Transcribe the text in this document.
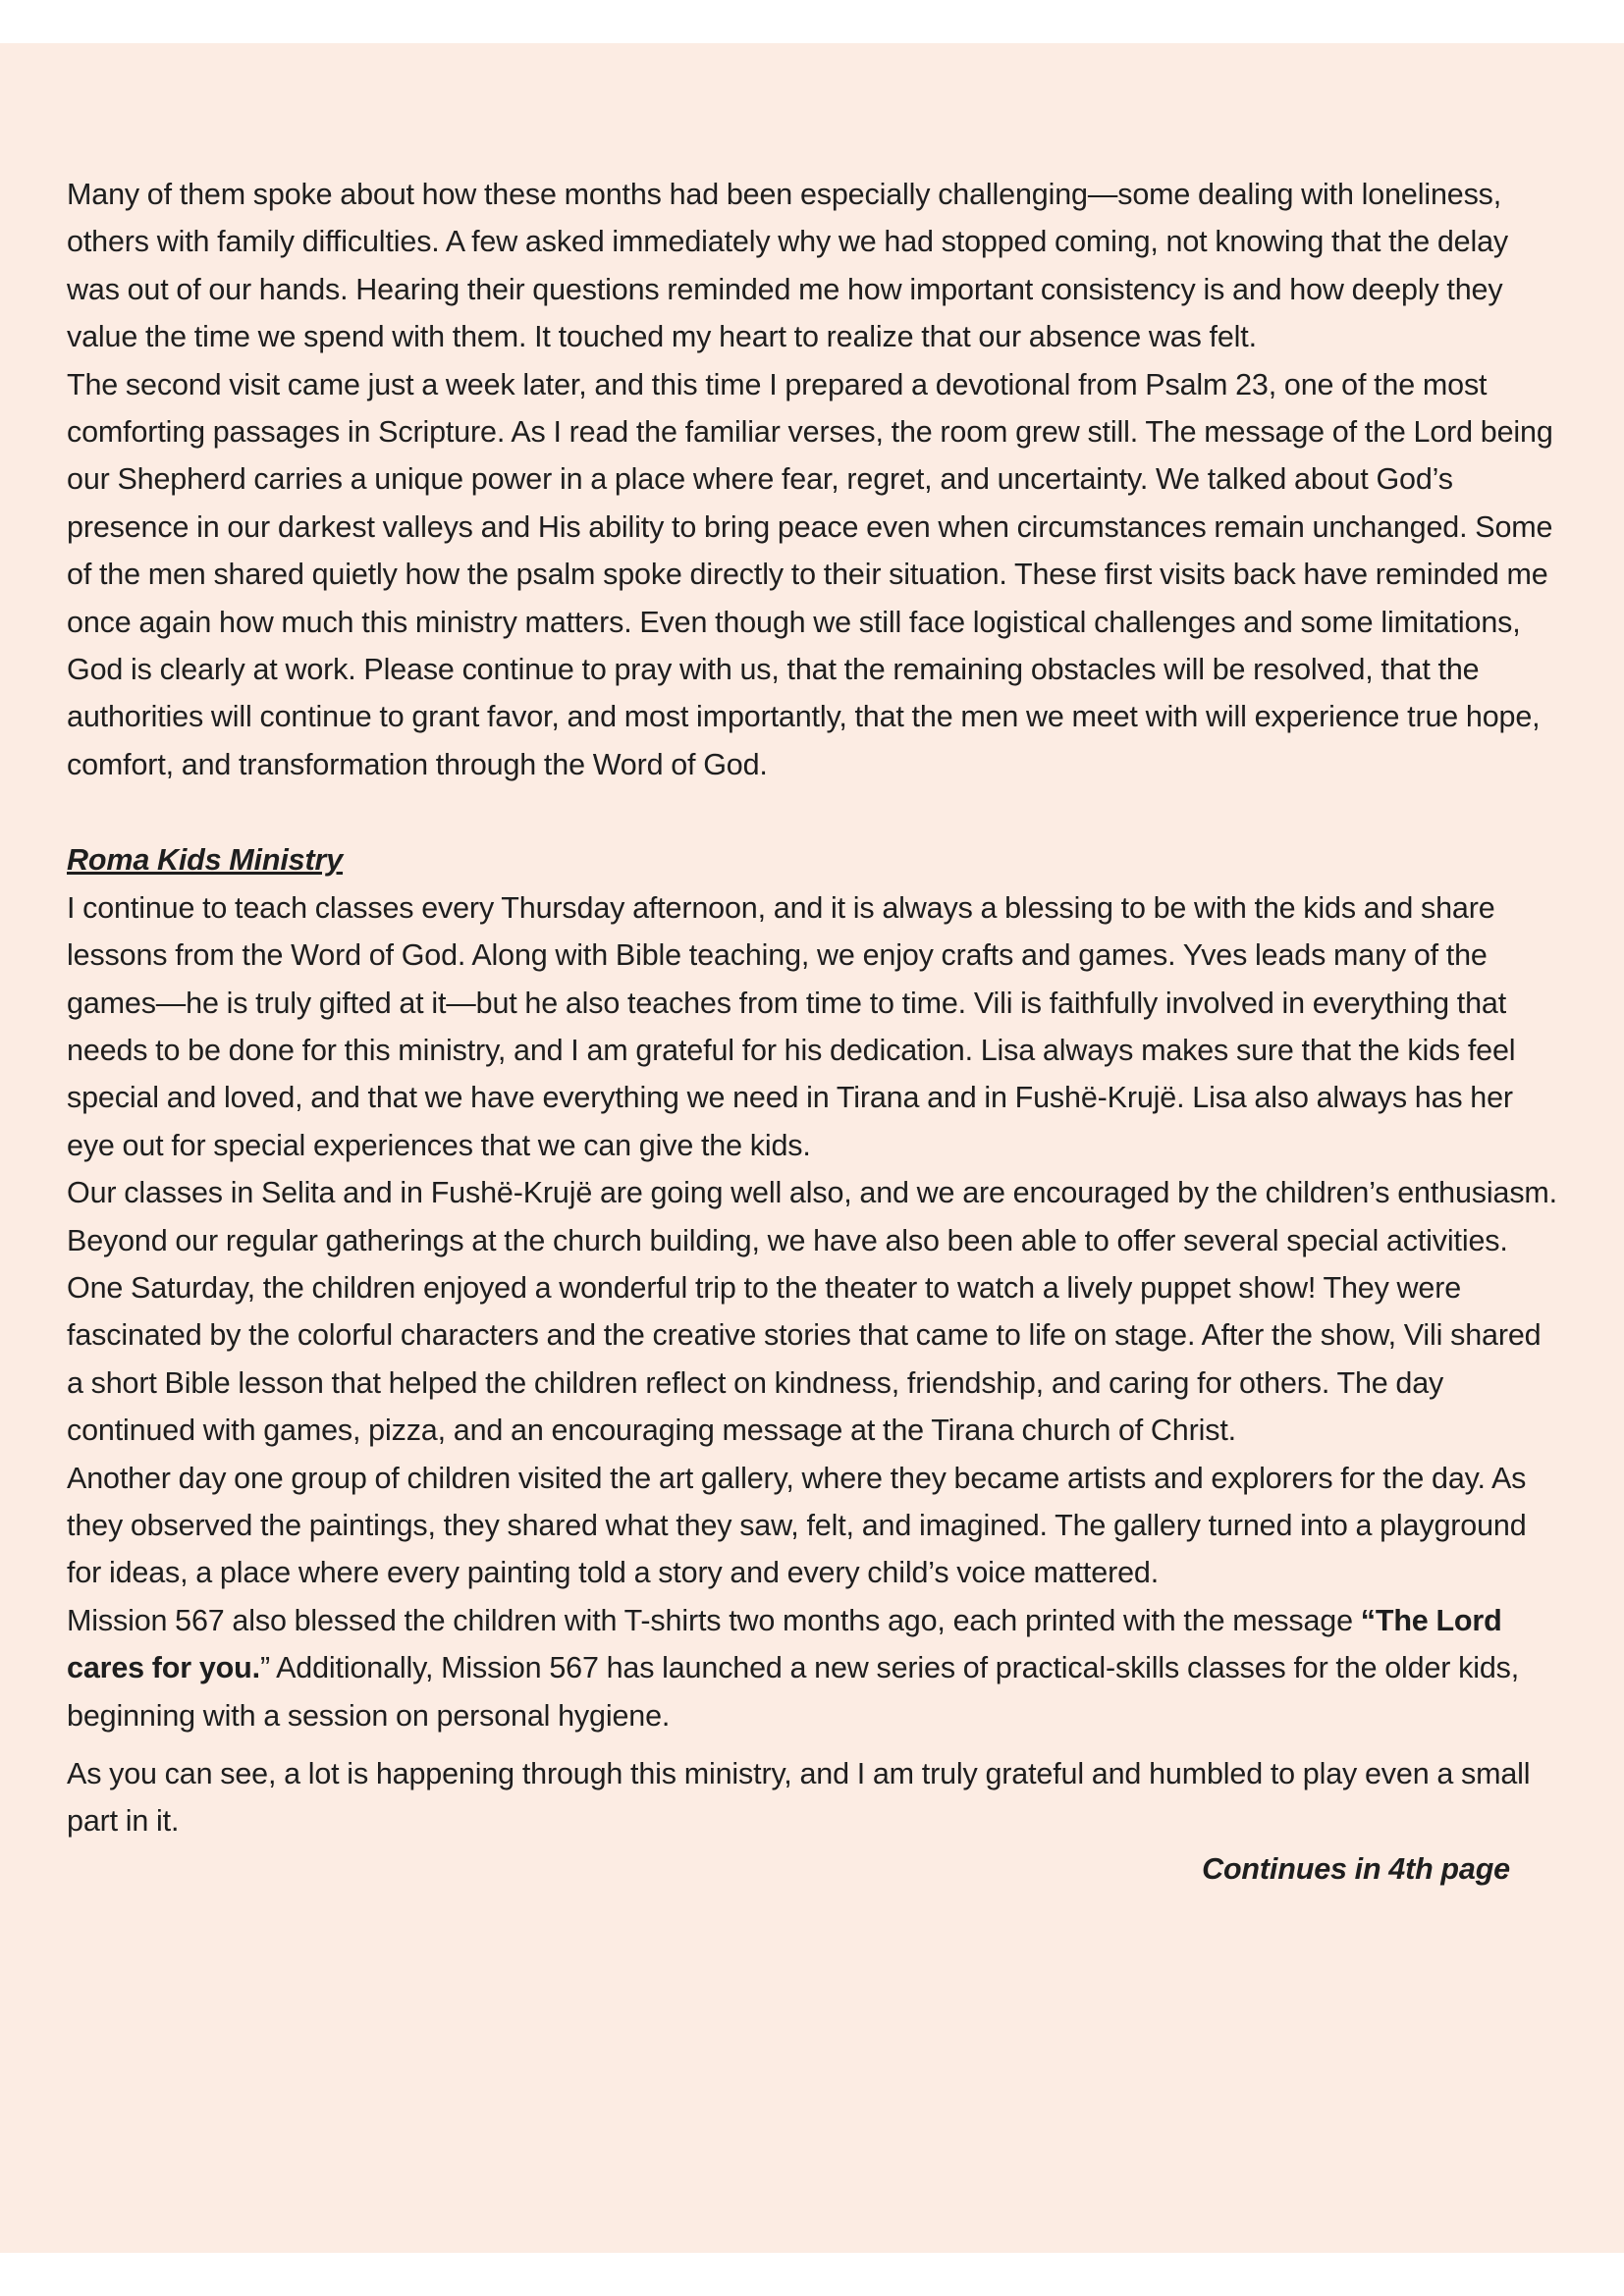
Many of them spoke about how these months had been especially challenging—some dealing with loneliness, others with family difficulties. A few asked immediately why we had stopped coming, not knowing that the delay was out of our hands. Hearing their questions reminded me how important consistency is and how deeply they value the time we spend with them. It touched my heart to realize that our absence was felt.

The second visit came just a week later, and this time I prepared a devotional from Psalm 23, one of the most comforting passages in Scripture. As I read the familiar verses, the room grew still. The message of the Lord being our Shepherd carries a unique power in a place where fear, regret, and uncertainty. We talked about God’s presence in our darkest valleys and His ability to bring peace even when circumstances remain unchanged. Some of the men shared quietly how the psalm spoke directly to their situation. These first visits back have reminded me once again how much this ministry matters. Even though we still face logistical challenges and some limitations, God is clearly at work. Please continue to pray with us, that the remaining obstacles will be resolved, that the authorities will continue to grant favor, and most importantly, that the men we meet with will experience true hope, comfort, and transformation through the Word of God.

Roma Kids Ministry

I continue to teach classes every Thursday afternoon, and it is always a blessing to be with the kids and share lessons from the Word of God. Along with Bible teaching, we enjoy crafts and games. Yves leads many of the games—he is truly gifted at it—but he also teaches from time to time. Vili is faithfully involved in everything that needs to be done for this ministry, and I am grateful for his dedication. Lisa always makes sure that the kids feel special and loved, and that we have everything we need in Tirana and in Fushë-Krujë. Lisa also always has her eye out for special experiences that we can give the kids.

Our classes in Selita and in Fushë-Krujë are going well also, and we are encouraged by the children’s enthusiasm.

Beyond our regular gatherings at the church building, we have also been able to offer several special activities. One Saturday, the children enjoyed a wonderful trip to the theater to watch a lively puppet show! They were fascinated by the colorful characters and the creative stories that came to life on stage. After the show, Vili shared a short Bible lesson that helped the children reflect on kindness, friendship, and caring for others. The day continued with games, pizza, and an encouraging message at the Tirana church of Christ.

Another day one group of children visited the art gallery, where they became artists and explorers for the day. As they observed the paintings, they shared what they saw, felt, and imagined. The gallery turned into a playground for ideas, a place where every painting told a story and every child’s voice mattered.

Mission 567 also blessed the children with T-shirts two months ago, each printed with the message “The Lord cares for you.” Additionally, Mission 567 has launched a new series of practical-skills classes for the older kids, beginning with a session on personal hygiene.

As you can see, a lot is happening through this ministry, and I am truly grateful and humbled to play even a small part in it.

Continues in 4th page
